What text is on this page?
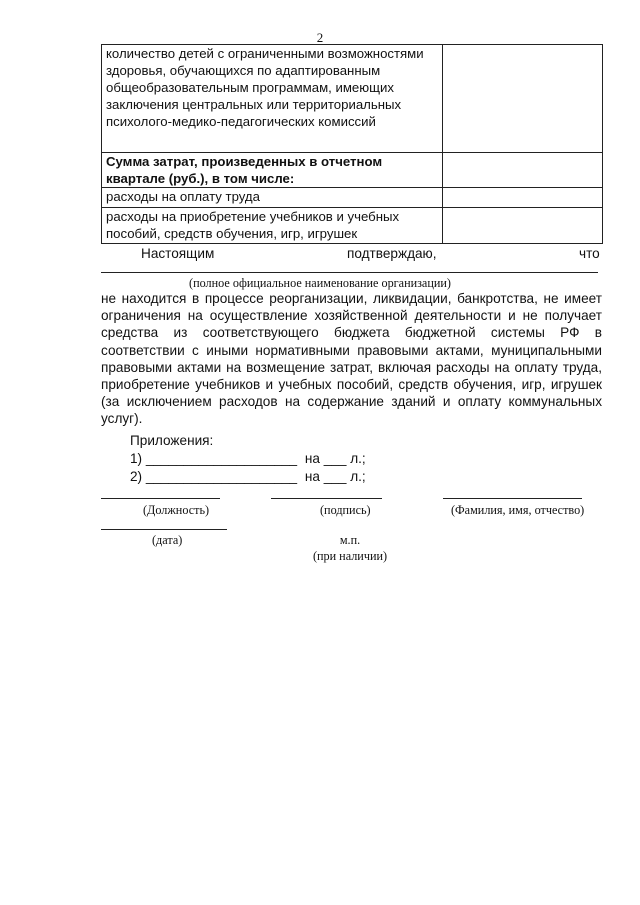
2
количество детей с ограниченными возможностями здоровья, обучающихся по адаптированным общеобразовательным программам, имеющих заключения центральных или территориальных психолого-медико-педагогических комиссий	
Сумма затрат, произведенных в отчетном квартале (руб.), в том числе:	
расходы на оплату труда	
расходы на приобретение учебников и учебных пособий, средств обучения, игр, игрушек	
Настоящим	подтверждаю,	что
(полное официальное наименование организации)

не находится в процессе реорганизации, ликвидации, банкротства, не имеет ограничения на осуществление хозяйственной деятельности и не получает средства из соответствующего бюджета бюджетной системы РФ в соответствии с иными нормативными правовыми актами, муниципальными правовыми актами на возмещение затрат, включая расходы на оплату труда, приобретение учебников и учебных пособий, средств обучения, игр, игрушек (за исключением расходов на содержание зданий и оплату коммунальных услуг).

Приложения:
1) ____________________ на ___ л.;
2) ____________________ на ___ л.;
(Должность)	(подпись)	(Фамилия, имя, отчество)
(дата)	м.п.
(при наличии)
